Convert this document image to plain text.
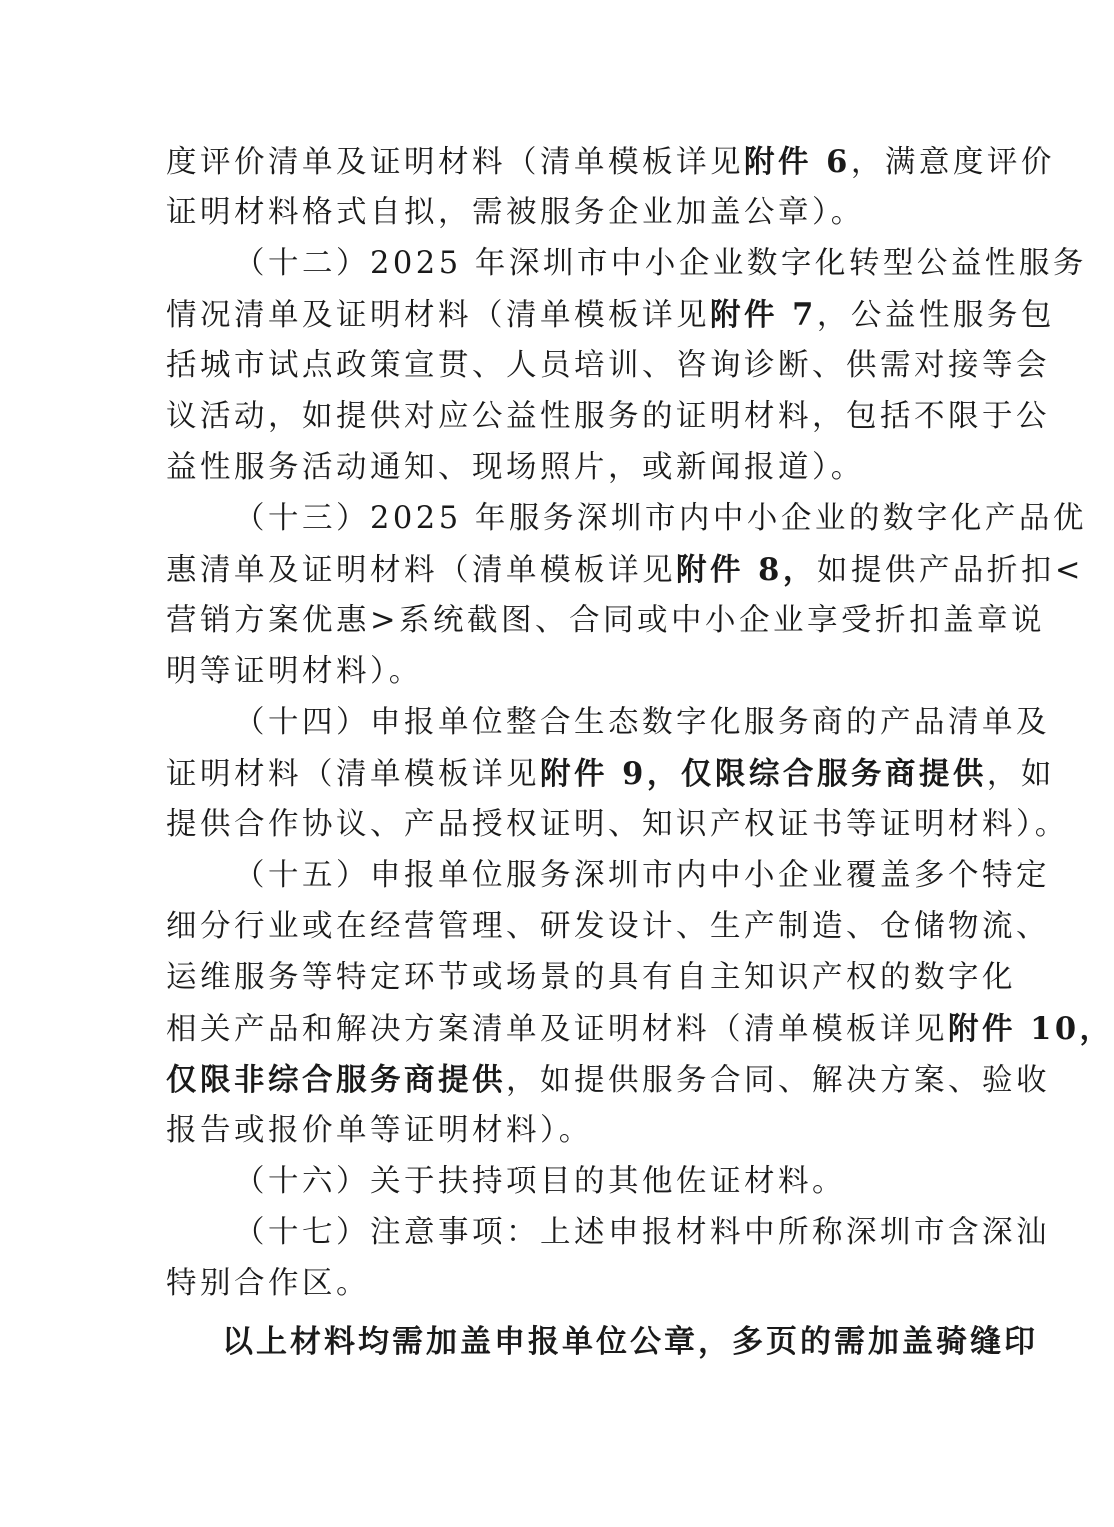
度评价清单及证明材料（清单模板详见附件 6，满意度评价
证明材料格式自拟，需被服务企业加盖公章）。
（十二）2025 年深圳市中小企业数字化转型公益性服务
情况清单及证明材料（清单模板详见附件 7，公益性服务包
括城市试点政策宣贯、人员培训、咨询诊断、供需对接等会
议活动，如提供对应公益性服务的证明材料，包括不限于公
益性服务活动通知、现场照片，或新闻报道）。
（十三）2025 年服务深圳市内中小企业的数字化产品优
惠清单及证明材料（清单模板详见附件 8，如提供产品折扣<
营销方案优惠>系统截图、合同或中小企业享受折扣盖章说
明等证明材料）。
（十四）申报单位整合生态数字化服务商的产品清单及
证明材料（清单模板详见附件 9，仅限综合服务商提供，如
提供合作协议、产品授权证明、知识产权证书等证明材料）。
（十五）申报单位服务深圳市内中小企业覆盖多个特定
细分行业或在经营管理、研发设计、生产制造、仓储物流、
运维服务等特定环节或场景的具有自主知识产权的数字化
相关产品和解决方案清单及证明材料（清单模板详见附件 10，
仅限非综合服务商提供，如提供服务合同、解决方案、验收
报告或报价单等证明材料）。
（十六）关于扶持项目的其他佐证材料。
（十七）注意事项：上述申报材料中所称深圳市含深汕
特别合作区。
以上材料均需加盖申报单位公章，多页的需加盖骑缝印
